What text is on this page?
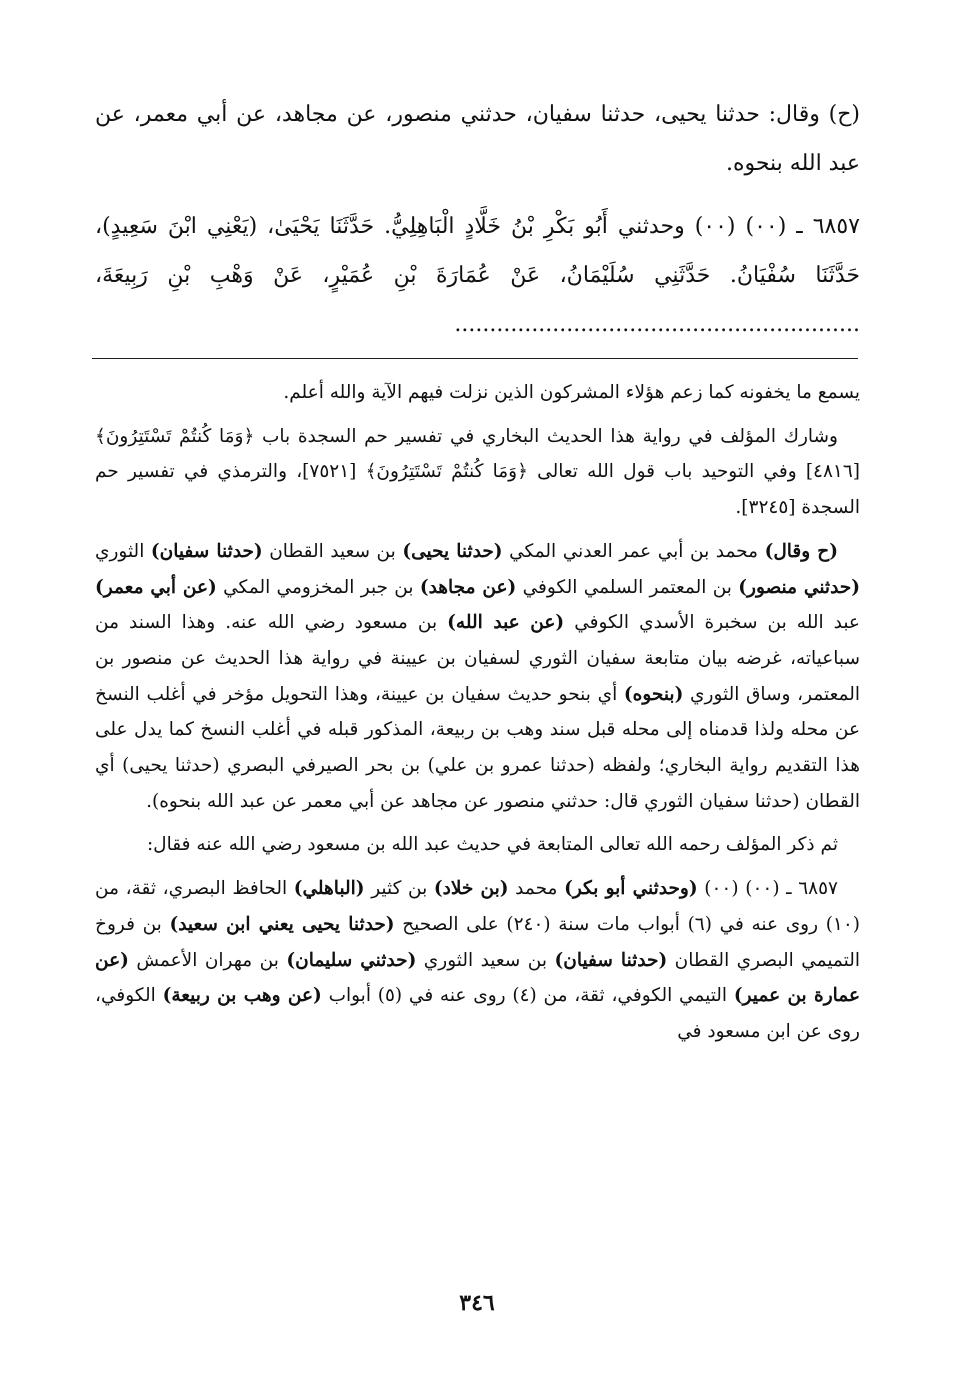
(ح) وقال: حدثنا يحيى، حدثنا سفيان، حدثني منصور، عن مجاهد، عن أبي معمر، عن عبد الله بنحوه.

٦٨٥٧ ـ (٠٠) (٠٠) وحدثني أَبُو بَكْرِ بْنُ خَلَّادٍ الْبَاهِلِيُّ. حَدَّثَنَا يَحْيَىٰ، (يَعْنِي ابْنَ سَعِيدٍ)، حَدَّثَنَا سُفْيَانُ. حَدَّثَنِي سُلَيْمَانُ، عَنْ عُمَارَةَ بْنِ عُمَيْرٍ، عَنْ وَهْبِ بْنِ رَبِيعَةَ، ..........................................................

يسمع ما يخفونه كما زعم هؤلاء المشركون الذين نزلت فيهم الآية والله أعلم.

وشارك المؤلف في رواية هذا الحديث البخاري في تفسير حم السجدة باب ﴿وَمَا كُنتُمْ تَسْتَتِرُونَ﴾ [٤٨١٦] وفي التوحيد باب قول الله تعالى ﴿وَمَا كُنتُمْ تَسْتَتِرُونَ﴾ [٧٥٢١]، والترمذي في تفسير حم السجدة [٣٢٤٥].

(ح وقال) محمد بن أبي عمر العدني المكي (حدثنا يحيى) بن سعيد القطان (حدثنا سفيان) الثوري (حدثني منصور) بن المعتمر السلمي الكوفي (عن مجاهد) بن جبر المخزومي المكي (عن أبي معمر) عبد الله بن سخبرة الأسدي الكوفي (عن عبد الله) بن مسعود رضي الله عنه. وهذا السند من سباعياته، غرضه بيان متابعة سفيان الثوري لسفيان بن عيينة في رواية هذا الحديث عن منصور بن المعتمر، وساق الثوري (بنحوه) أي بنحو حديث سفيان بن عيينة، وهذا التحويل مؤخر في أغلب النسخ عن محله ولذا قدمناه إلى محله قبل سند وهب بن ربيعة، المذكور قبله في أغلب النسخ كما يدل على هذا التقديم رواية البخاري؛ ولفظه (حدثنا عمرو بن علي) بن بحر الصيرفي البصري (حدثنا يحيى) أي القطان (حدثنا سفيان الثوري قال: حدثني منصور عن مجاهد عن أبي معمر عن عبد الله بنحوه).

ثم ذكر المؤلف رحمه الله تعالى المتابعة في حديث عبد الله بن مسعود رضي الله عنه فقال:

٦٨٥٧ ـ (٠٠) (٠٠) (وحدثني أبو بكر) محمد (بن خلاد) بن كثير (الباهلي) الحافظ البصري، ثقة، من (١٠) روى عنه في (٦) أبواب مات سنة (٢٤٠) على الصحيح (حدثنا يحيى يعني ابن سعيد) بن فروخ التميمي البصري القطان (حدثنا سفيان) بن سعيد الثوري (حدثني سليمان) بن مهران الأعمش (عن عمارة بن عمير) التيمي الكوفي، ثقة، من (٤) روى عنه في (٥) أبواب (عن وهب بن ربيعة) الكوفي، روى عن ابن مسعود في

٣٤٦
